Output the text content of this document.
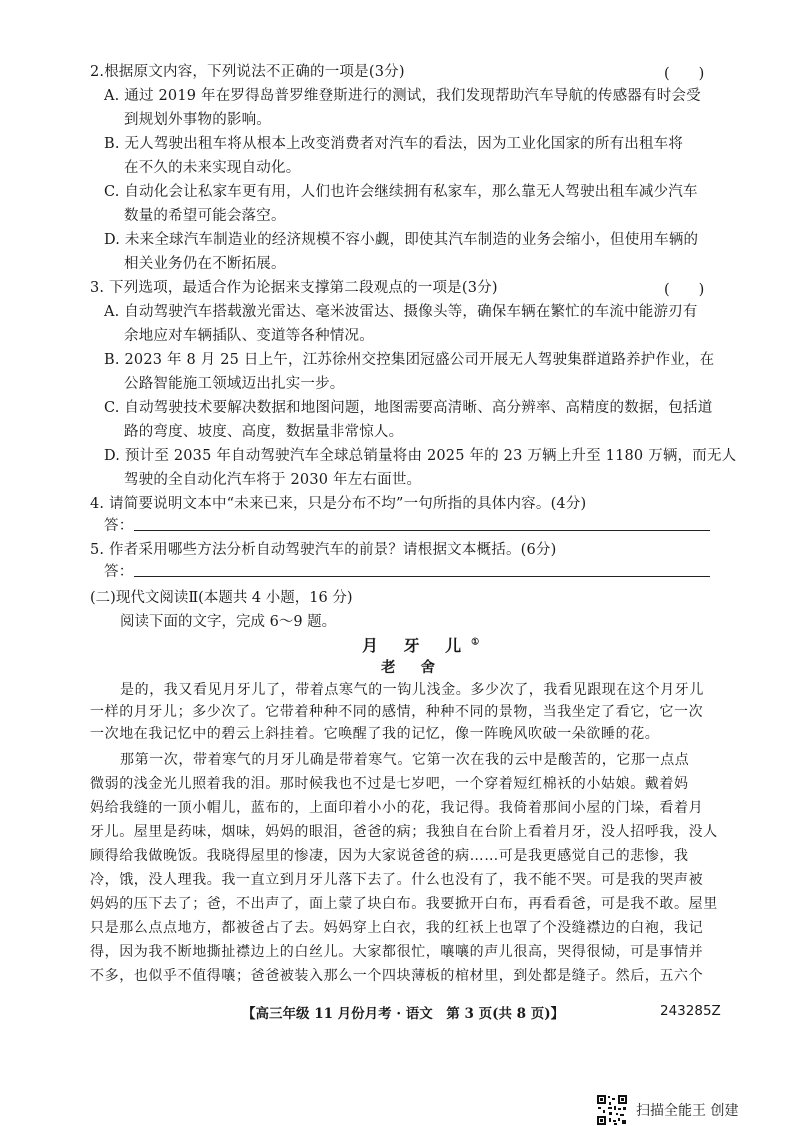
2.根据原文内容，下列说法不正确的一项是(3分)	(　　)
A. 通过 2019 年在罗得岛普罗维登斯进行的测试，我们发现帮助汽车导航的传感器有时会受
到规划外事物的影响。
B. 无人驾驶出租车将从根本上改变消费者对汽车的看法，因为工业化国家的所有出租车将
在不久的未来实现自动化。
C. 自动化会让私家车更有用，人们也许会继续拥有私家车，那么靠无人驾驶出租车减少汽车
数量的希望可能会落空。
D. 未来全球汽车制造业的经济规模不容小觑，即使其汽车制造的业务会缩小，但使用车辆的
相关业务仍在不断拓展。
3. 下列选项，最适合作为论据来支撑第二段观点的一项是(3分)	(　　)
A. 自动驾驶汽车搭载激光雷达、毫米波雷达、摄像头等，确保车辆在繁忙的车流中能游刃有
余地应对车辆插队、变道等各种情况。
B. 2023 年 8 月 25 日上午，江苏徐州交控集团冠盛公司开展无人驾驶集群道路养护作业，在
公路智能施工领域迈出扎实一步。
C. 自动驾驶技术要解决数据和地图问题，地图需要高清晰、高分辨率、高精度的数据，包括道
路的弯度、坡度、高度，数据量非常惊人。
D. 预计至 2035 年自动驾驶汽车全球总销量将由 2025 年的 23 万辆上升至 1180 万辆，而无人
驾驶的全自动化汽车将于 2030 年左右面世。
4. 请简要说明文本中“未来已来，只是分布不均”一句所指的具体内容。(4分)
答：
5. 作者采用哪些方法分析自动驾驶汽车的前景？请根据文本概括。(6分)
答：
(二)现代文阅读Ⅱ(本题共 4 小题，16 分)
阅读下面的文字，完成 6～9 题。
月 牙 儿①
老 舍
是的，我又看见月牙儿了，带着点寒气的一钩儿浅金。多少次了，我看见跟现在这个月牙儿
一样的月牙儿；多少次了。它带着种种不同的感情，种种不同的景物，当我坐定了看它，它一次
一次地在我记忆中的碧云上斜挂着。它唤醒了我的记忆，像一阵晚风吹破一朵欲睡的花。
那第一次，带着寒气的月牙儿确是带着寒气。它第一次在我的云中是酸苦的，它那一点点
微弱的浅金光儿照着我的泪。那时候我也不过是七岁吧，一个穿着短红棉袄的小姑娘。戴着妈
妈给我缝的一顶小帽儿，蓝布的，上面印着小小的花，我记得。我倚着那间小屋的门垛，看着月
牙儿。屋里是药味，烟味，妈妈的眼泪，爸爸的病；我独自在台阶上看着月牙，没人招呼我，没人
顾得给我做晚饭。我晓得屋里的惨凄，因为大家说爸爸的病……可是我更感觉自己的悲惨，我
冷，饿，没人理我。我一直立到月牙儿落下去了。什么也没有了，我不能不哭。可是我的哭声被
妈妈的压下去了；爸，不出声了，面上蒙了块白布。我要掀开白布，再看看爸，可是我不敢。屋里
只是那么点点地方，都被爸占了去。妈妈穿上白衣，我的红袄上也罩了个没缝襟边的白袍，我记
得，因为我不断地撕扯襟边上的白丝儿。大家都很忙，嚷嚷的声儿很高，哭得很恸，可是事情并
不多，也似乎不值得嚷；爸爸被装入那么一个四块薄板的棺材里，到处都是缝子。然后，五六个
【高三年级 11 月份月考 · 语文　第 3 页(共 8 页)】	243285Z
扫描全能王 创建
